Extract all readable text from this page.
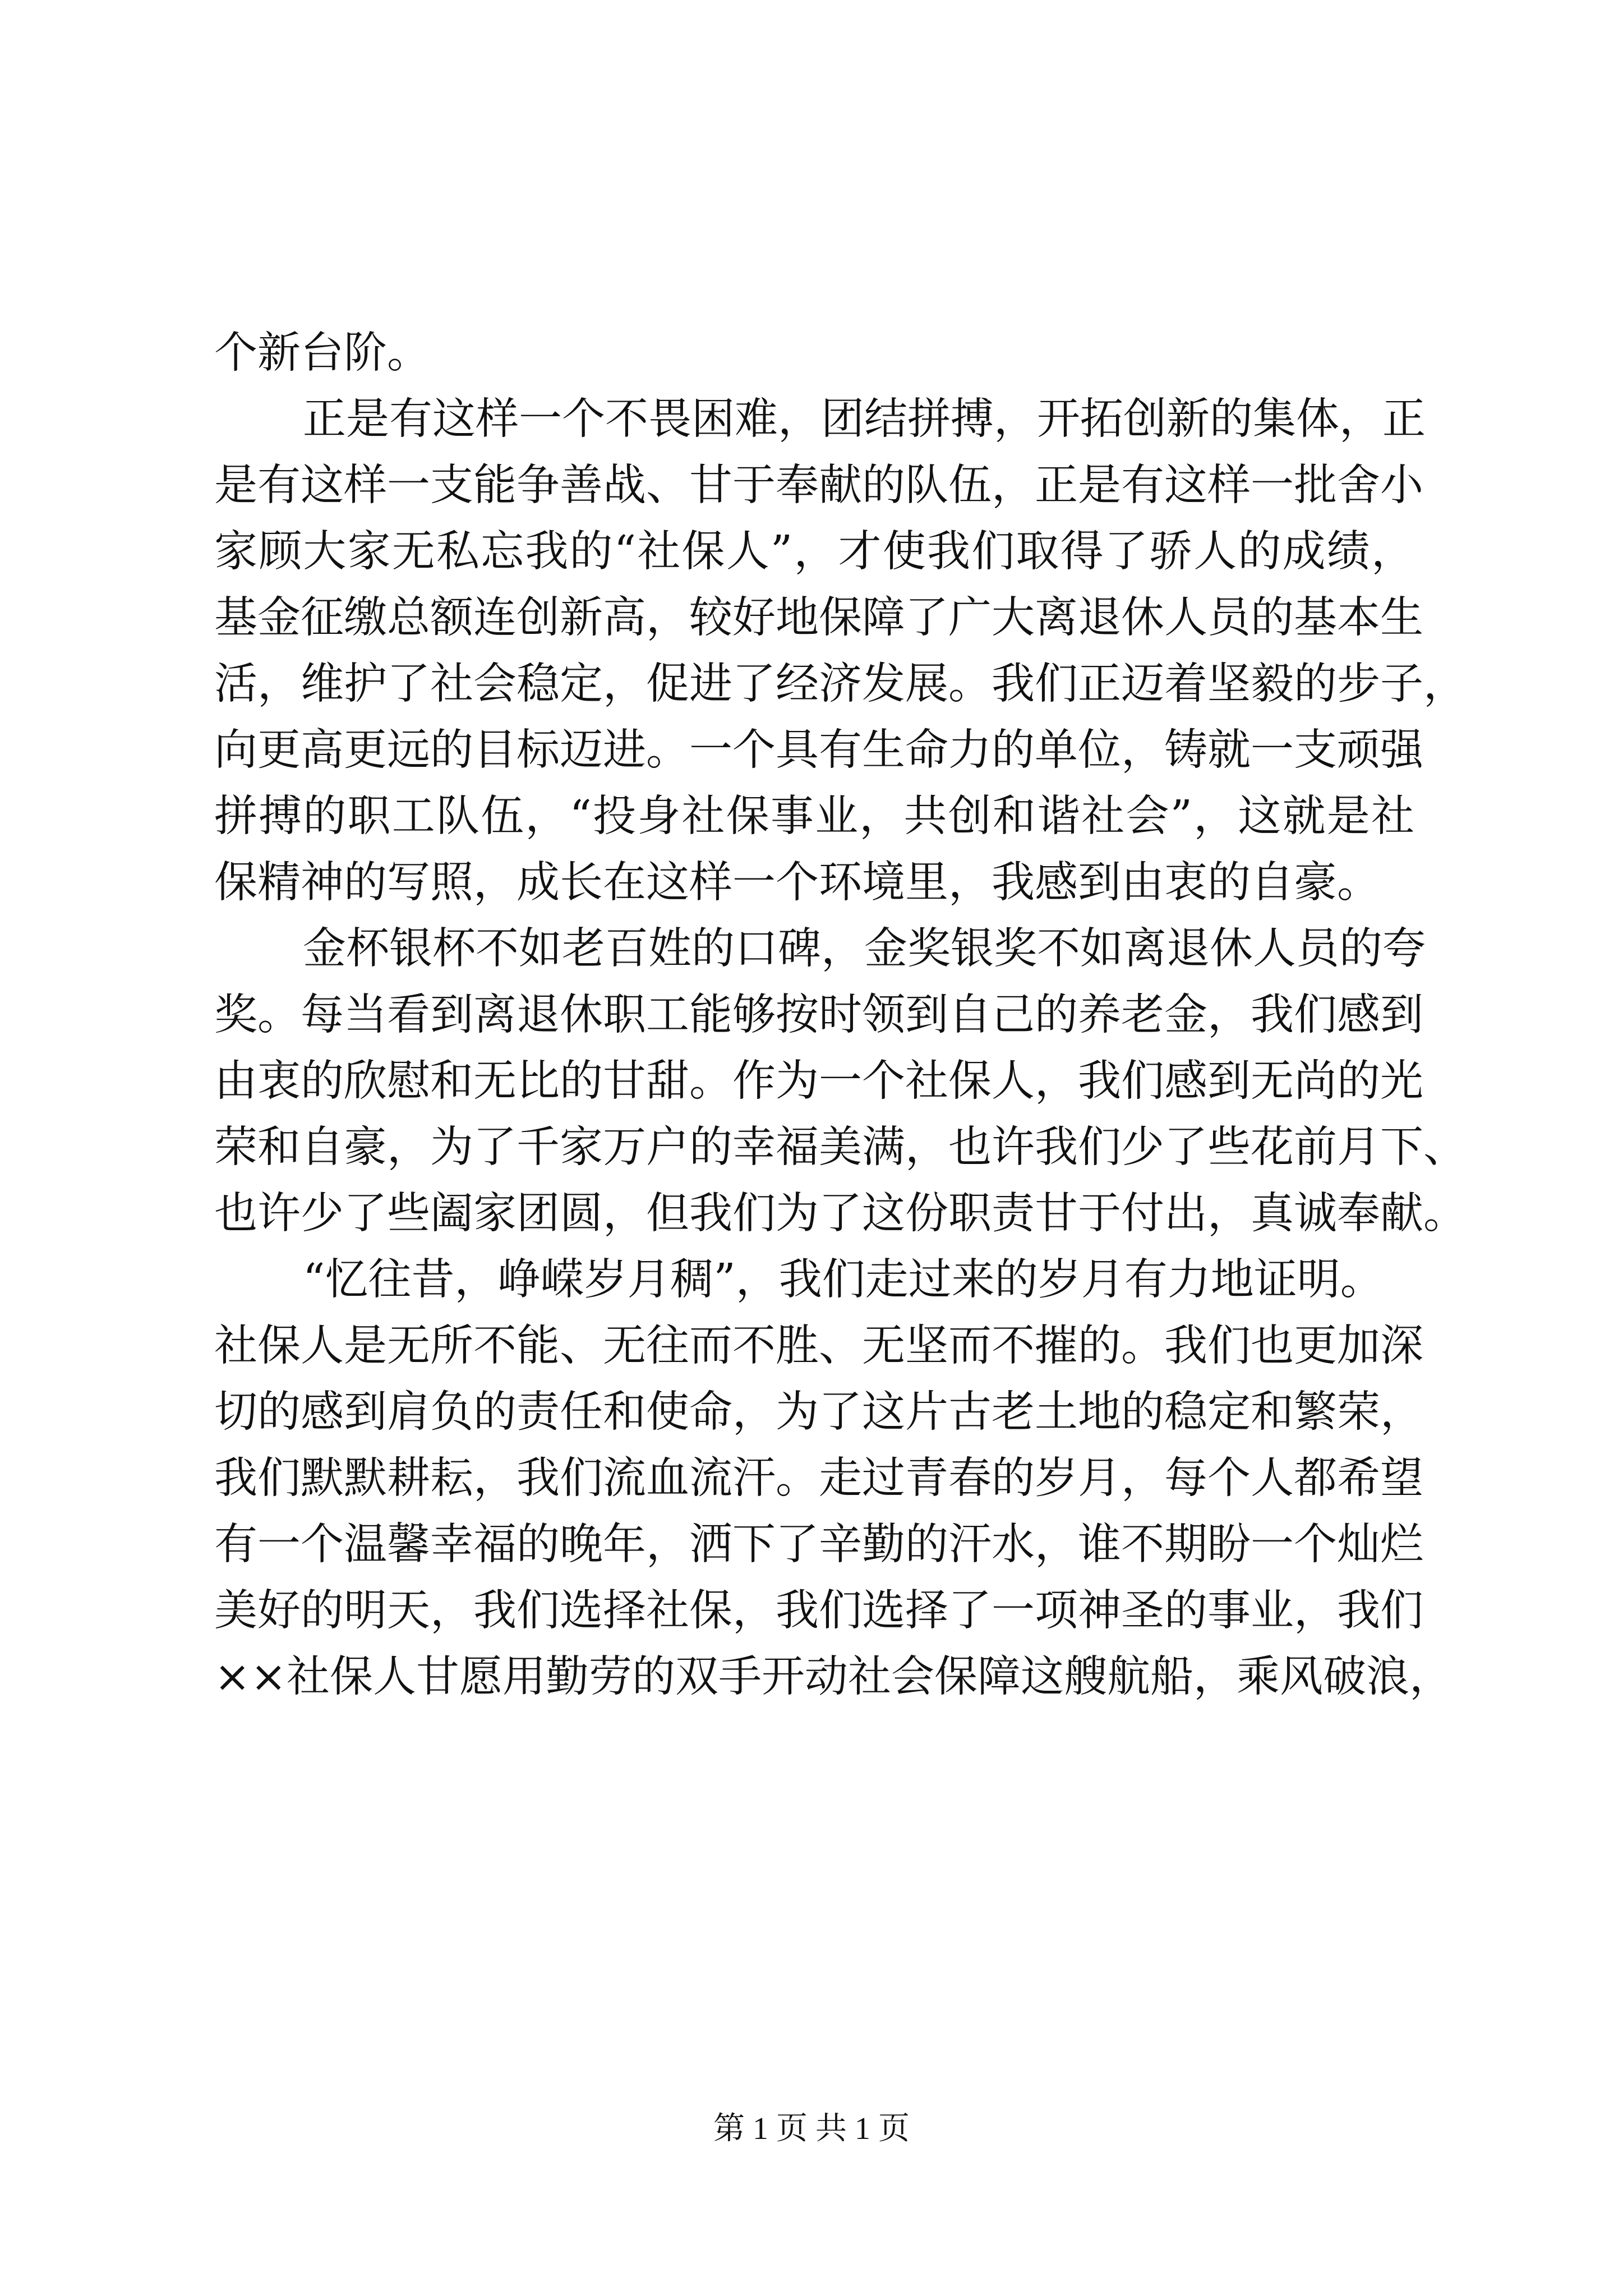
个新台阶。
正是有这样一个不畏困难，团结拼搏，开拓创新的集体，正
是有这样一支能争善战、甘于奉献的队伍，正是有这样一批舍小
家顾大家无私忘我的“社保人”，才使我们取得了骄人的成绩，
基金征缴总额连创新高，较好地保障了广大离退休人员的基本生
活，维护了社会稳定，促进了经济发展。我们正迈着坚毅的步子，
向更高更远的目标迈进。一个具有生命力的单位，铸就一支顽强
拼搏的职工队伍，“投身社保事业，共创和谐社会”，这就是社
保精神的写照，成长在这样一个环境里，我感到由衷的自豪。
金杯银杯不如老百姓的口碑，金奖银奖不如离退休人员的夸
奖。每当看到离退休职工能够按时领到自己的养老金，我们感到
由衷的欣慰和无比的甘甜。作为一个社保人，我们感到无尚的光
荣和自豪，为了千家万户的幸福美满，也许我们少了些花前月下、
也许少了些阖家团圆，但我们为了这份职责甘于付出，真诚奉献。
“忆往昔，峥嵘岁月稠”，我们走过来的岁月有力地证明。
社保人是无所不能、无往而不胜、无坚而不摧的。我们也更加深
切的感到肩负的责任和使命，为了这片古老土地的稳定和繁荣，
我们默默耕耘，我们流血流汗。走过青春的岁月，每个人都希望
有一个温馨幸福的晚年，洒下了辛勤的汗水，谁不期盼一个灿烂
美好的明天，我们选择社保，我们选择了一项神圣的事业，我们
××社保人甘愿用勤劳的双手开动社会保障这艘航船，乘风破浪，
第 1 页 共 1 页
